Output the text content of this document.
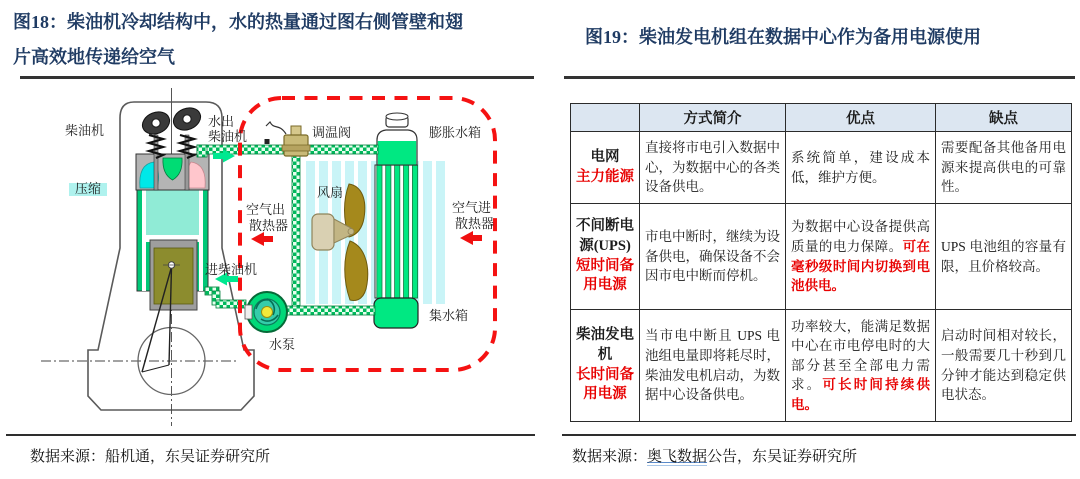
图18：柴油机冷却结构中，水的热量通过图右侧管壁和翅片高效地传递给空气
柴油机
压缩
水出
柴油机	调温阀	膨胀水箱
风扇
空气出
散热器
空气进
散热器
进柴油机
集水箱
水泵
数据来源：船机通，东吴证券研究所
图19：柴油发电机组在数据中心作为备用电源使用
	方式简介	优点	缺点

电网
主力能源	直接将市电引入数据中心，为数据中心的各类设备供电。	系统简单，建设成本低，维护方便。	需要配备其他备用电源来提高供电的可靠性。

不间断电源(UPS)
短时间备用电源	市电中断时，继续为设备供电，确保设备不会因市电中断而停机。	为数据中心设备提供高质量的电力保障。可在毫秒级时间内切换到电池供电。	UPS 电池组的容量有限，且价格较高。

柴油发电机
长时间备用电源	当市电中断且 UPS 电池组电量即将耗尽时，柴油发电机启动，为数据中心设备供电。	功率较大，能满足数据中心在市电停电时的大部分甚至全部电力需求。可长时间持续供电。	启动时间相对较长，一般需要几十秒到几分钟才能达到稳定供电状态。
数据来源：奥飞数据公告，东吴证券研究所
